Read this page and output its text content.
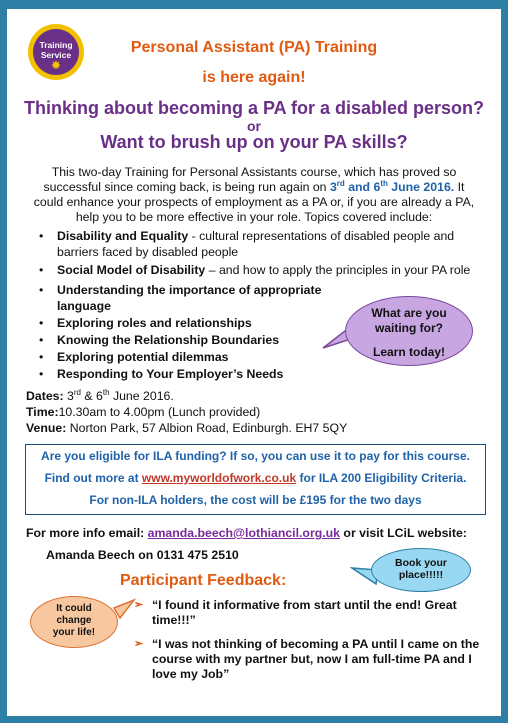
Training
Service
✸
Personal Assistant (PA) Training
is here again!
Thinking about becoming a PA for a disabled person?
or
Want to brush up on your PA skills?
This two-day Training for Personal Assistants course, which has proved so successful since coming back, is being run again on 3rd and 6th June 2016. It could enhance your prospects of employment as a PA or, if you are already a PA, help you to be more effective in your role. Topics covered include:
• Disability and Equality - cultural representations of disabled people and
barriers faced by disabled people
• Social Model of Disability – and how to apply the principles in your PA role
• Understanding the importance of appropriate
language
• Exploring roles and relationships
• Knowing the Relationship Boundaries
• Exploring potential dilemmas
• Responding to Your Employer’s Needs
What are you
waiting for?
Learn today!
Dates: 3rd & 6th June 2016.
Time:10.30am to 4.00pm (Lunch provided)
Venue: Norton Park, 57 Albion Road, Edinburgh. EH7 5QY
Are you eligible for ILA funding? If so, you can use it to pay for this course.
Find out more at www.myworldofwork.co.uk for ILA 200 Eligibility Criteria.
For non-ILA holders, the cost will be £195 for the two days
For more info email: amanda.beech@lothiancil.org.uk or visit LCiL website:
Amanda Beech on 0131 475 2510
Book your
place!!!!!
Participant Feedback:
It could
change
your life!
➢ “I found it informative from start until the end! Great time!!!”
➢ “I was not thinking of becoming a PA until I came on the course with my partner but, now I am full-time PA and I love my Job”
